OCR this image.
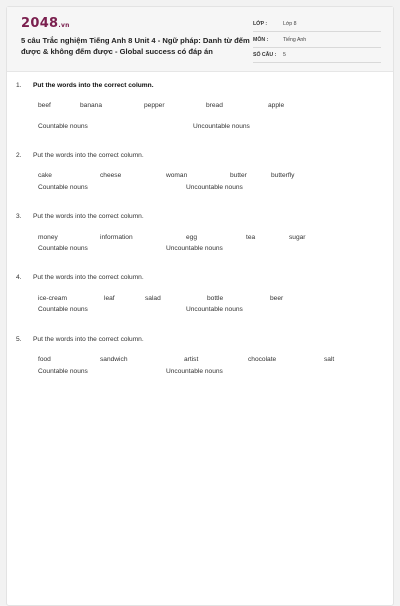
2048.vn
5 câu Trắc nghiệm Tiếng Anh 8 Unit 4 - Ngữ pháp: Danh từ đếm được & không đếm được - Global success có đáp án
LỚP :	Lớp 8
MÔN :	Tiếng Anh
SỐ CÂU : 5
1. Put the words into the correct column.
beef	banana	pepper	bread	apple
Countable nouns	Uncountable nouns
2. Put the words into the correct column.
cake	cheese	woman	butter	butterfly
Countable nouns	Uncountable nouns
3. Put the words into the correct column.
money	information	egg	tea	sugar
Countable nouns	Uncountable nouns
4. Put the words into the correct column.
ice-cream	leaf	salad	bottle	beer
Countable nouns	Uncountable nouns
5. Put the words into the correct column.
food	sandwich	artist	chocolate	salt
Countable nouns	Uncountable nouns
